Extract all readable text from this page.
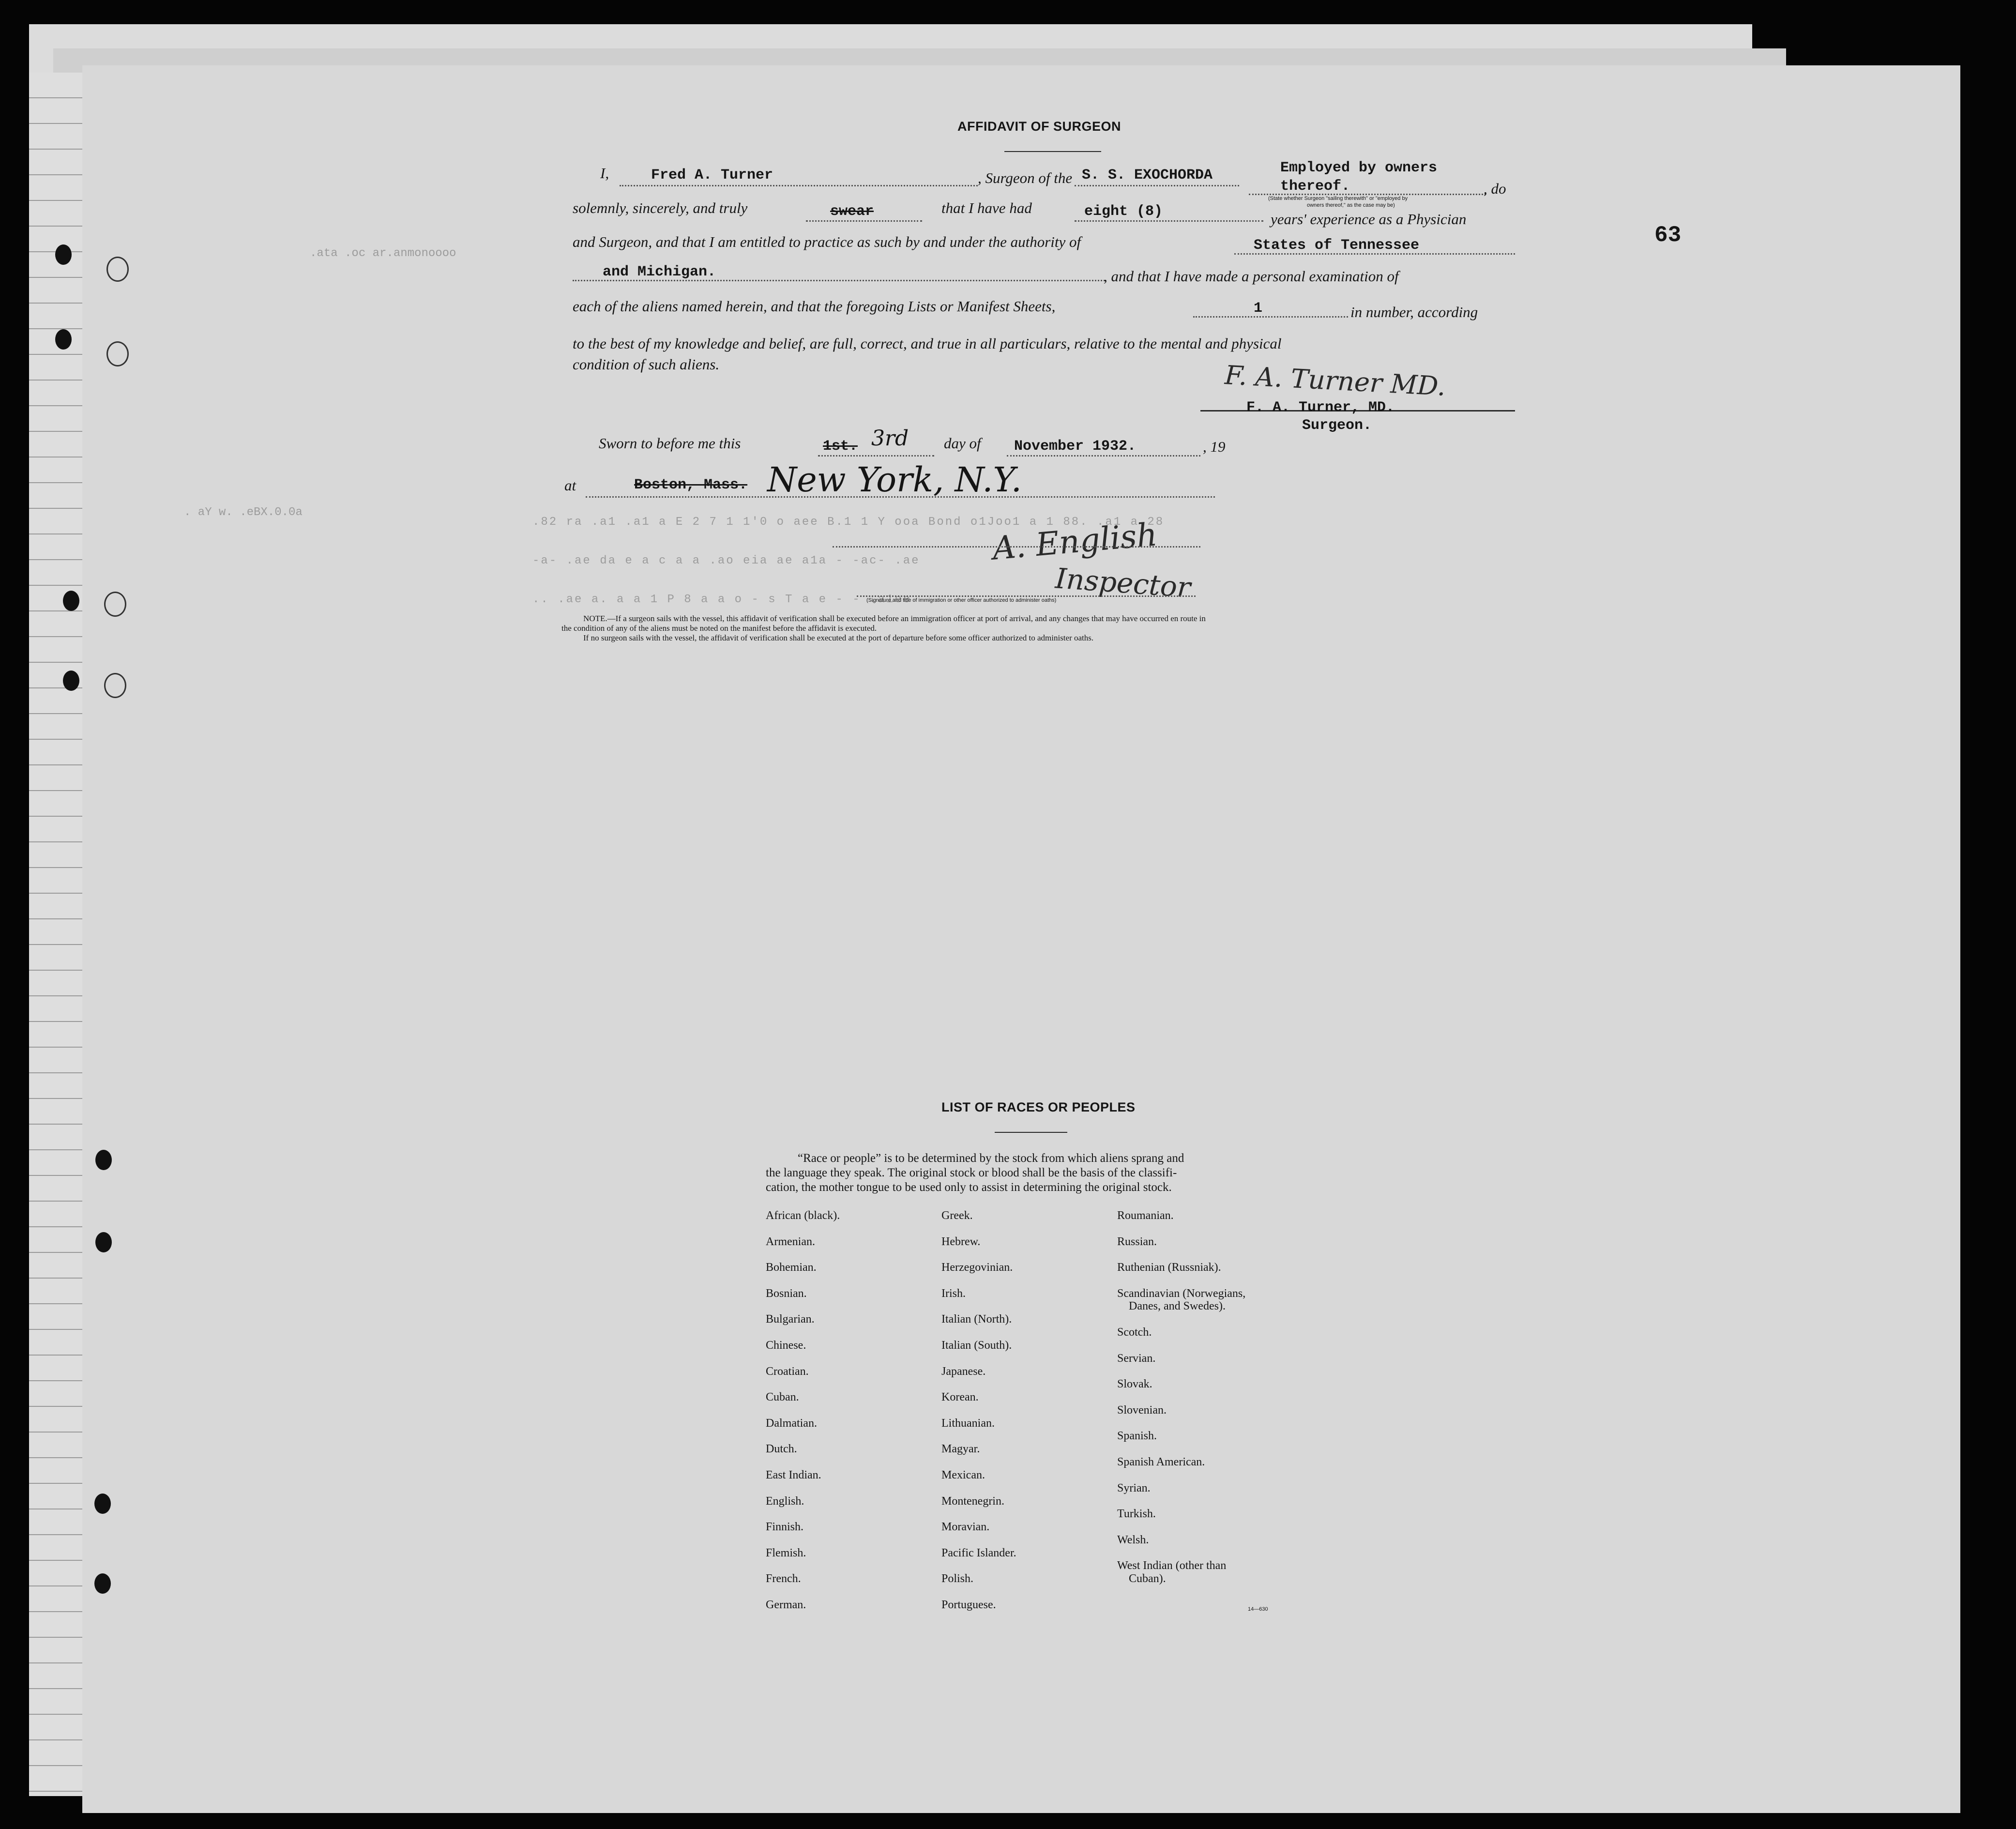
.ata .oc ar.anmonoooo
. aY w. .eBX.0.0a
.82 ra .a1 .a1 a E 2 7 1 1'0 o aee B.1 1 Y ooa Bond o1Joo1 a 1 88. .a1 a 28
-a- .ae da e a c a a .ao eia ae a1a - -ac- .ae
.. .ae a. a a 1 P 8 a a o - s T a e - - .a1ee
63
AFFIDAVIT OF SURGEON
I,	Fred A. Turner	, Surgeon of the S. S. EXOCHORDA	Employed by owners
thereof.	, do
(State whether Surgeon "sailing therewith" or "employed by
owners thereof," as the case may be)
solemnly, sincerely, and truly	swear	that I have had	eight (8)	years' experience as a Physician
and Surgeon, and that I am entitled to practice as such by and under the authority of	States of Tennessee
and Michigan.	, and that I have made a personal examination of
each of the aliens named herein, and that the foregoing Lists or Manifest Sheets,	1	in number, according
to the best of my knowledge and belief, are full, correct, and true in all particulars, relative to the mental and physical
condition of such aliens.	F. A. Turner MD.
F. A. Turner, MD.
Surgeon.
Sworn to before me this	1st. 3rd day of November 1932.	, 19
at	Boston, Mass. New York, N.Y.
A. English
Inspector
(Signature and title of immigration or other officer authorized to administer oaths)
NOTE.—If a surgeon sails with the vessel, this affidavit of verification shall be executed before an immigration officer at port of arrival, and any changes that may have occurred en route in
the condition of any of the aliens must be noted on the manifest before the affidavit is executed.
If no surgeon sails with the vessel, the affidavit of verification shall be executed at the port of departure before some officer authorized to administer oaths.
LIST OF RACES OR PEOPLES
“Race or people” is to be determined by the stock from which aliens sprang and
the language they speak. The original stock or blood shall be the basis of the classifi-
cation, the mother tongue to be used only to assist in determining the original stock.
African (black).
Armenian.
Bohemian.
Bosnian.
Bulgarian.
Chinese.
Croatian.
Cuban.
Dalmatian.
Dutch.
East Indian.
English.
Finnish.
Flemish.
French.
German.
Greek.
Hebrew.
Herzegovinian.
Irish.
Italian (North).
Italian (South).
Japanese.
Korean.
Lithuanian.
Magyar.
Mexican.
Montenegrin.
Moravian.
Pacific Islander.
Polish.
Portuguese.
Roumanian.
Russian.
Ruthenian (Russniak).
Scandinavian (Norwegians,
Danes, and Swedes).
Scotch.
Servian.
Slovak.
Slovenian.
Spanish.
Spanish American.
Syrian.
Turkish.
Welsh.
West Indian (other than
Cuban).
14—630
